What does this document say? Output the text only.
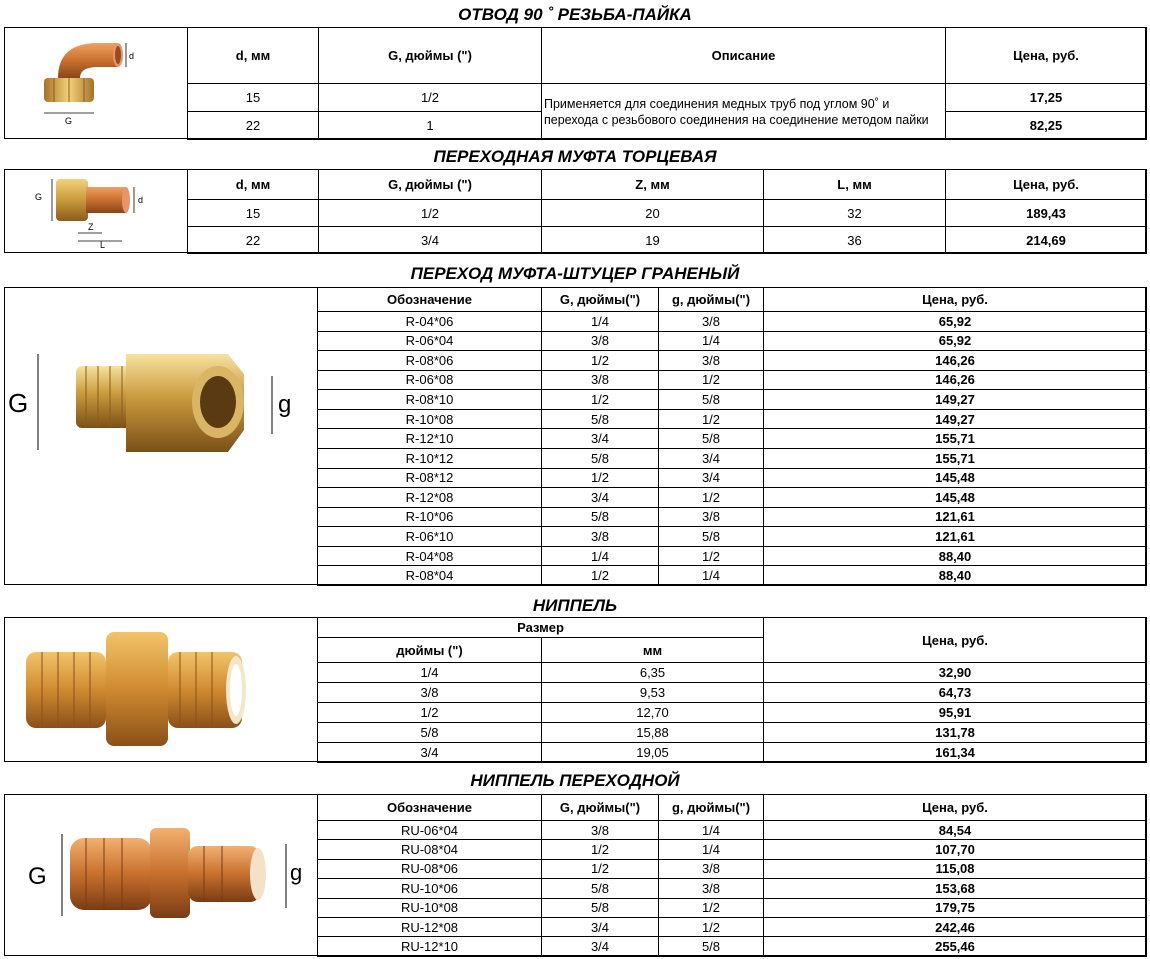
ОТВОД 90 ˚ РЕЗЬБА-ПАЙКА
d
G
d, мм	G, дюймы (")	Описание	Цена, руб.
15	1/2	Применяется для соединения медных труб под углом 90˚ и перехода с резьбового соединения на соединение методом пайки	17,25
22	1		82,25
ПЕРЕХОДНАЯ МУФТА ТОРЦЕВАЯ
G	d
Z
L
d, мм	G, дюймы (")	Z, мм	L, мм	Цена, руб.
15	1/2	20	32	189,43
22	3/4	19	36	214,69
ПЕРЕХОД МУФТА-ШТУЦЕР ГРАНЕНЫЙ
G	g
Обозначение	G, дюймы(")	g, дюймы(")	Цена, руб.
R-04*06	1/4	3/8	65,92
R-06*04	3/8	1/4	65,92
R-08*06	1/2	3/8	146,26
R-06*08	3/8	1/2	146,26
R-08*10	1/2	5/8	149,27
R-10*08	5/8	1/2	149,27
R-12*10	3/4	5/8	155,71
R-10*12	5/8	3/4	155,71
R-08*12	1/2	3/4	145,48
R-12*08	3/4	1/2	145,48
R-10*06	5/8	3/8	121,61
R-06*10	3/8	5/8	121,61
R-04*08	1/4	1/2	88,40
R-08*04	1/2	1/4	88,40
НИППЕЛЬ
Размер		Цена, руб.
дюймы (")	мм	
1/4	6,35	32,90
3/8	9,53	64,73
1/2	12,70	95,91
5/8	15,88	131,78
3/4	19,05	161,34
НИППЕЛЬ ПЕРЕХОДНОЙ
G	g
Обозначение	G, дюймы(")	g, дюймы(")	Цена, руб.
RU-06*04	3/8	1/4	84,54
RU-08*04	1/2	1/4	107,70
RU-08*06	1/2	3/8	115,08
RU-10*06	5/8	3/8	153,68
RU-10*08	5/8	1/2	179,75
RU-12*08	3/4	1/2	242,46
RU-12*10	3/4	5/8	255,46
